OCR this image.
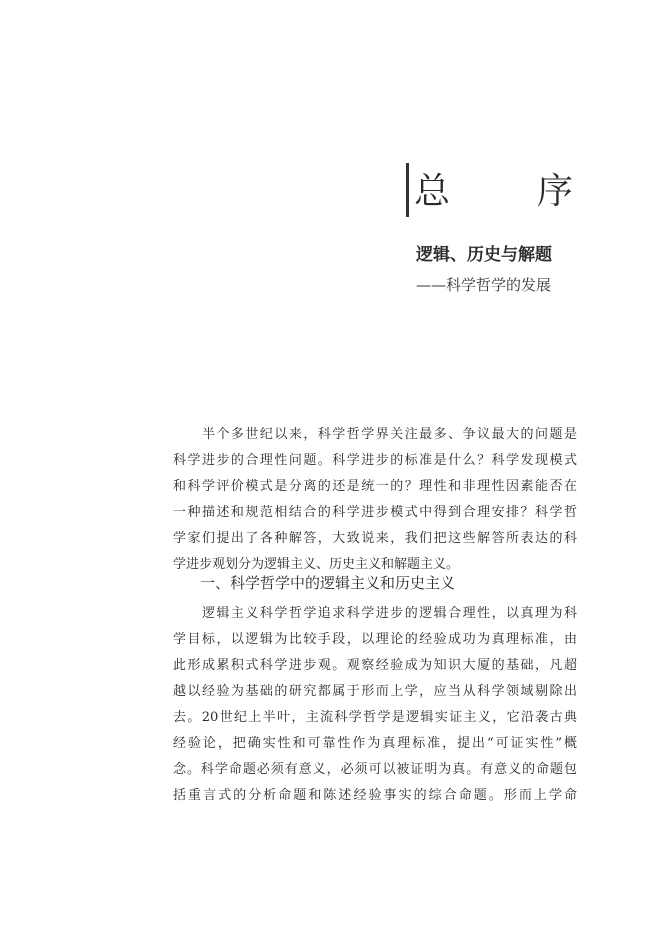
总 序
逻辑、历史与解题
——科学哲学的发展
　　半个多世纪以来，科学哲学界关注最多、争议最大的问题是
科学进步的合理性问题。科学进步的标准是什么？科学发现模式
和科学评价模式是分离的还是统一的？理性和非理性因素能否在
一种描述和规范相结合的科学进步模式中得到合理安排？科学哲
学家们提出了各种解答，大致说来，我们把这些解答所表达的科
学进步观划分为逻辑主义、历史主义和解题主义。
一、科学哲学中的逻辑主义和历史主义
　　逻辑主义科学哲学追求科学进步的逻辑合理性，以真理为科
学目标，以逻辑为比较手段，以理论的经验成功为真理标准，由
此形成累积式科学进步观。观察经验成为知识大厦的基础，凡超
越以经验为基础的研究都属于形而上学，应当从科学领域剔除出
去。20世纪上半叶，主流科学哲学是逻辑实证主义，它沿袭古典
经验论，把确实性和可靠性作为真理标准，提出“可证实性”概
念。科学命题必须有意义，必须可以被证明为真。有意义的命题包
括重言式的分析命题和陈述经验事实的综合命题。形而上学命
